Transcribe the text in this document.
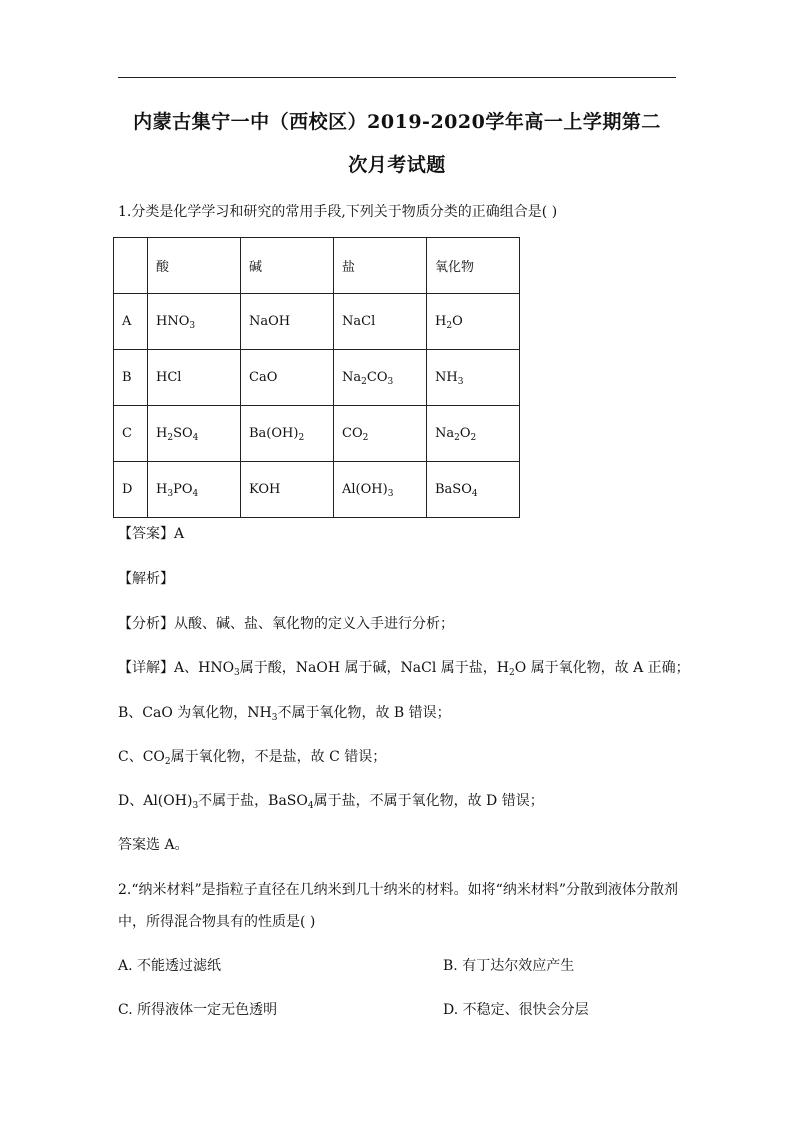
内蒙古集宁一中（西校区）2019-2020学年高一上学期第二
次月考试题
1.分类是化学学习和研究的常用手段,下列关于物质分类的正确组合是( )
	酸	碱	盐	氧化物
A	$HNO_3$	NaOH	NaCl	$H_2O$
B	HCl	CaO	$Na_2CO_3$	$NH_3$
C	$H_2SO_4$	$Ba(OH)_2$	$CO_2$	$Na_2O_2$
D	$H_3PO_4$	KOH	$Al(OH)_3$	BaSO$_4$
【答案】A
【解析】
【分析】从酸、碱、盐、氧化物的定义入手进行分析；
【详解】A、$HNO_3$属于酸，NaOH 属于碱，NaCl 属于盐，$H_2O$ 属于氧化物，故 A 正确；
B、CaO 为氧化物，$NH_3$不属于氧化物，故 B 错误；
C、$CO_2$属于氧化物，不是盐，故 C 错误；
D、$Al(OH)_3$不属于盐，BaSO$_4$属于盐，不属于氧化物，故 D 错误；
答案选 A。
2.“纳米材料”是指粒子直径在几纳米到几十纳米的材料。如将“纳米材料”分散到液体分散剂
中，所得混合物具有的性质是( )
A. 不能透过滤纸	B. 有丁达尔效应产生
C. 所得液体一定无色透明	D. 不稳定、很快会分层
